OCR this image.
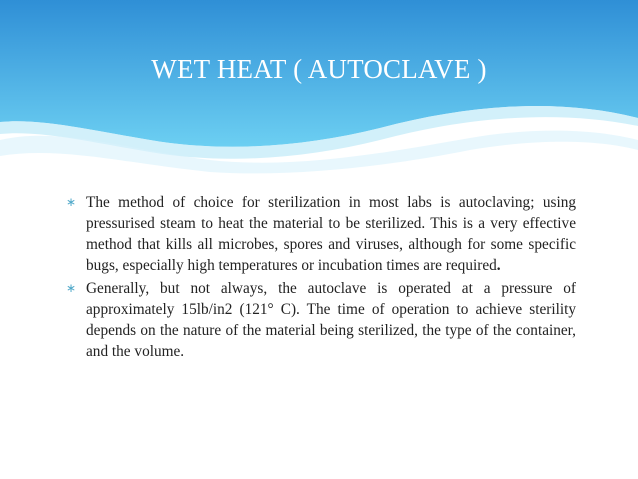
WET HEAT ( AUTOCLAVE )
∗ The method of choice for sterilization in most labs is autoclaving; using pressurised steam to heat the material to be sterilized. This is a very effective method that kills all microbes, spores and viruses, although for some specific bugs, especially high temperatures or incubation times are required.
∗ Generally, but not always, the autoclave is operated at a pressure of approximately 15lb/in2 (121° C). The time of operation to achieve sterility depends on the nature of the material being sterilized, the type of the container, and the volume.
